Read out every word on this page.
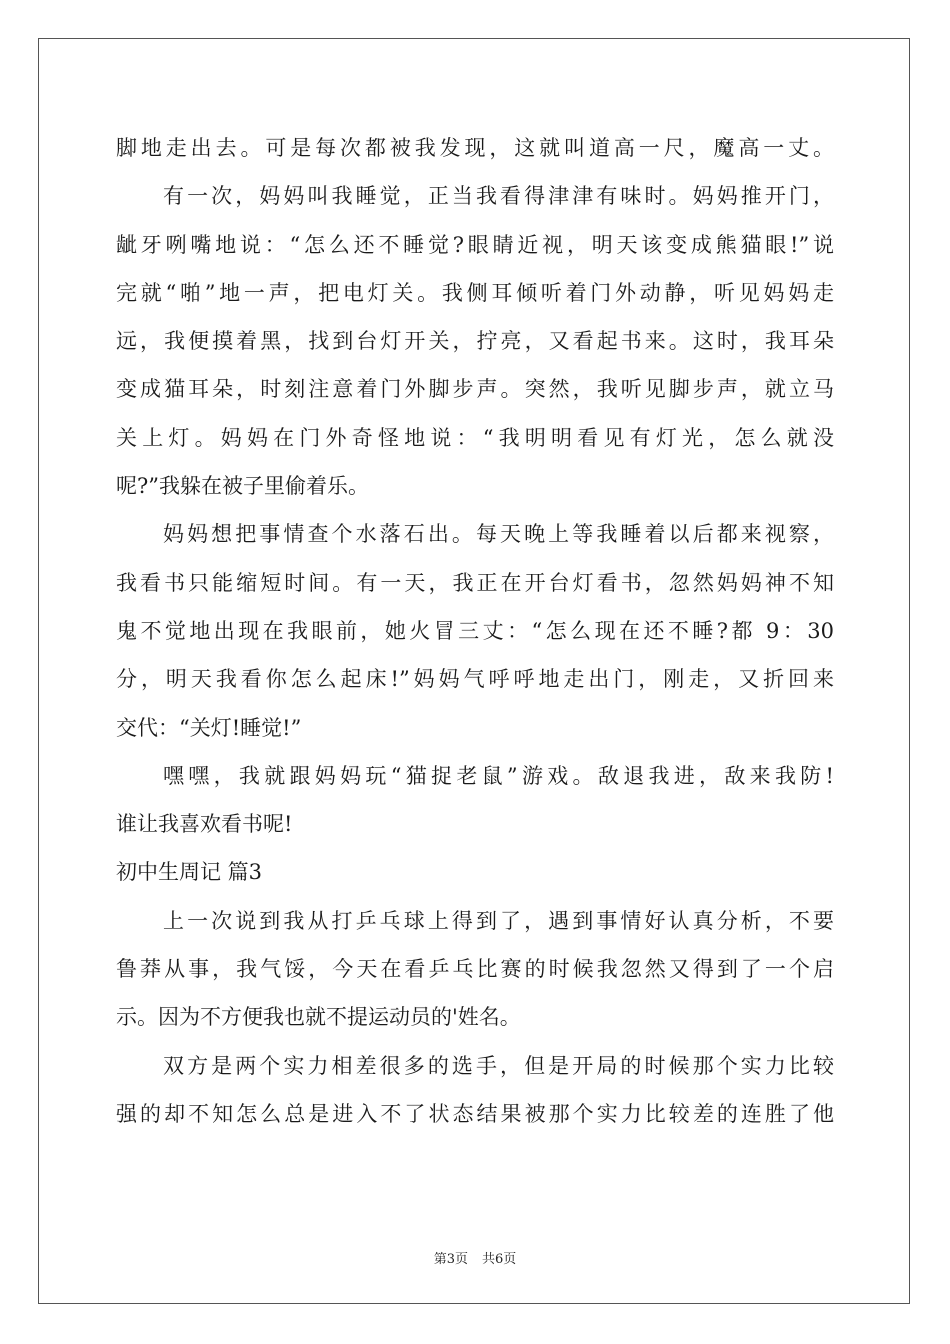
脚地走出去。可是每次都被我发现，这就叫道高一尺，魔高一丈。
有一次，妈妈叫我睡觉，正当我看得津津有味时。妈妈推开门，
龇牙咧嘴地说：“怎么还不睡觉?眼睛近视，明天该变成熊猫眼!”说
完就“啪”地一声，把电灯关。我侧耳倾听着门外动静，听见妈妈走
远，我便摸着黑，找到台灯开关，拧亮，又看起书来。这时，我耳朵
变成猫耳朵，时刻注意着门外脚步声。突然，我听见脚步声，就立马
关上灯。妈妈在门外奇怪地说：“我明明看见有灯光，怎么就没
呢?”我躲在被子里偷着乐。
妈妈想把事情查个水落石出。每天晚上等我睡着以后都来视察，
我看书只能缩短时间。有一天，我正在开台灯看书，忽然妈妈神不知
鬼不觉地出现在我眼前，她火冒三丈：“怎么现在还不睡?都 9：30
分，明天我看你怎么起床!”妈妈气呼呼地走出门，刚走，又折回来
交代：“关灯!睡觉!”
嘿嘿，我就跟妈妈玩“猫捉老鼠”游戏。敌退我进，敌来我防!
谁让我喜欢看书呢!
初中生周记 篇3
上一次说到我从打乒乓球上得到了，遇到事情好认真分析，不要
鲁莽从事，我气馁，今天在看乒乓比赛的时候我忽然又得到了一个启
示。因为不方便我也就不提运动员的'姓名。
双方是两个实力相差很多的选手，但是开局的时候那个实力比较
强的却不知怎么总是进入不了状态结果被那个实力比较差的连胜了他
第3页 共6页
